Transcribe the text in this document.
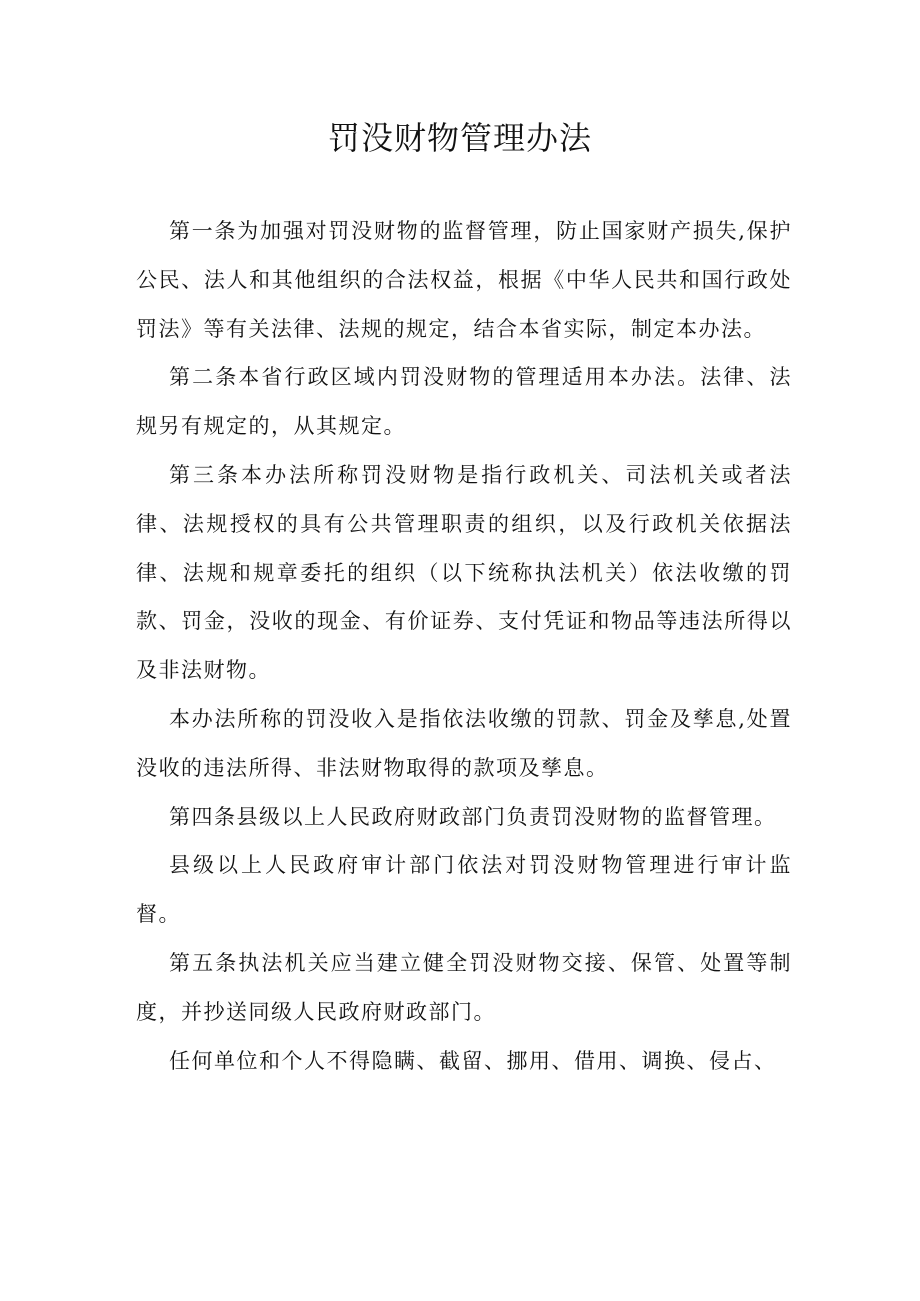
罚没财物管理办法

第一条为加强对罚没财物的监督管理，防止国家财产损失,保护公民、法人和其他组织的合法权益，根据《中华人民共和国行政处罚法》等有关法律、法规的规定，结合本省实际，制定本办法。

第二条本省行政区域内罚没财物的管理适用本办法。法律、法规另有规定的，从其规定。

第三条本办法所称罚没财物是指行政机关、司法机关或者法律、法规授权的具有公共管理职责的组织，以及行政机关依据法律、法规和规章委托的组织（以下统称执法机关）依法收缴的罚款、罚金，没收的现金、有价证券、支付凭证和物品等违法所得以及非法财物。

本办法所称的罚没收入是指依法收缴的罚款、罚金及孳息,处置没收的违法所得、非法财物取得的款项及孳息。

第四条县级以上人民政府财政部门负责罚没财物的监督管理。

县级以上人民政府审计部门依法对罚没财物管理进行审计监督。

第五条执法机关应当建立健全罚没财物交接、保管、处置等制度，并抄送同级人民政府财政部门。

任何单位和个人不得隐瞒、截留、挪用、借用、调换、侵占、
